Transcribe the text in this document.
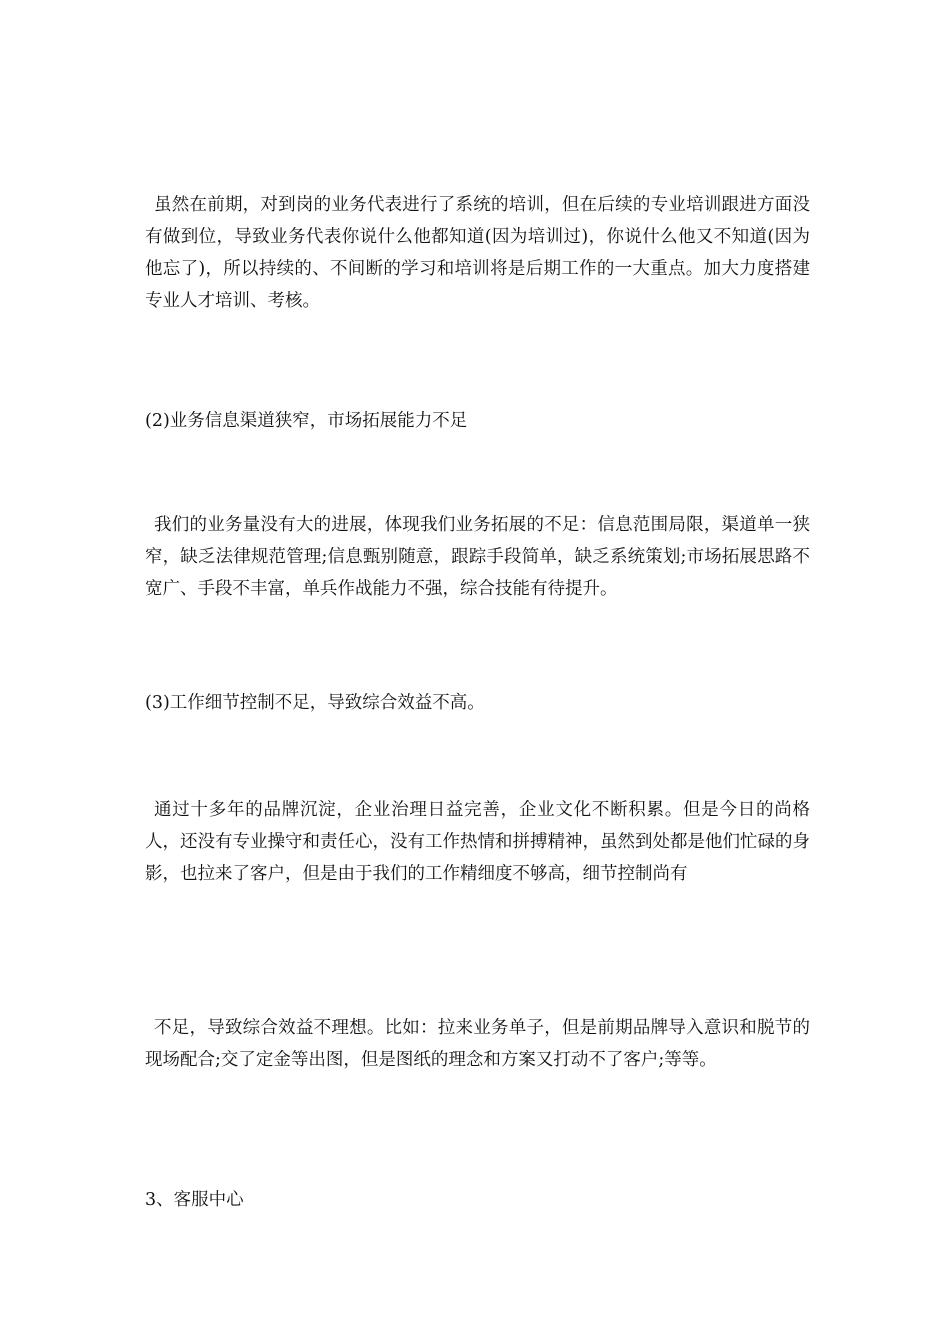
虽然在前期，对到岗的业务代表进行了系统的培训，但在后续的专业培训跟进方面没有做到位，导致业务代表你说什么他都知道(因为培训过)，你说什么他又不知道(因为他忘了)，所以持续的、不间断的学习和培训将是后期工作的一大重点。加大力度搭建专业人才培训、考核。

(2)业务信息渠道狭窄，市场拓展能力不足

我们的业务量没有大的进展，体现我们业务拓展的不足：信息范围局限，渠道单一狭窄，缺乏法律规范管理;信息甄别随意，跟踪手段简单，缺乏系统策划;市场拓展思路不宽广、手段不丰富，单兵作战能力不强，综合技能有待提升。

(3)工作细节控制不足，导致综合效益不高。

通过十多年的品牌沉淀，企业治理日益完善，企业文化不断积累。但是今日的尚格人，还没有专业操守和责任心，没有工作热情和拼搏精神，虽然到处都是他们忙碌的身影，也拉来了客户，但是由于我们的工作精细度不够高，细节控制尚有

不足，导致综合效益不理想。比如：拉来业务单子，但是前期品牌导入意识和脱节的现场配合;交了定金等出图，但是图纸的理念和方案又打动不了客户;等等。

3、客服中心
